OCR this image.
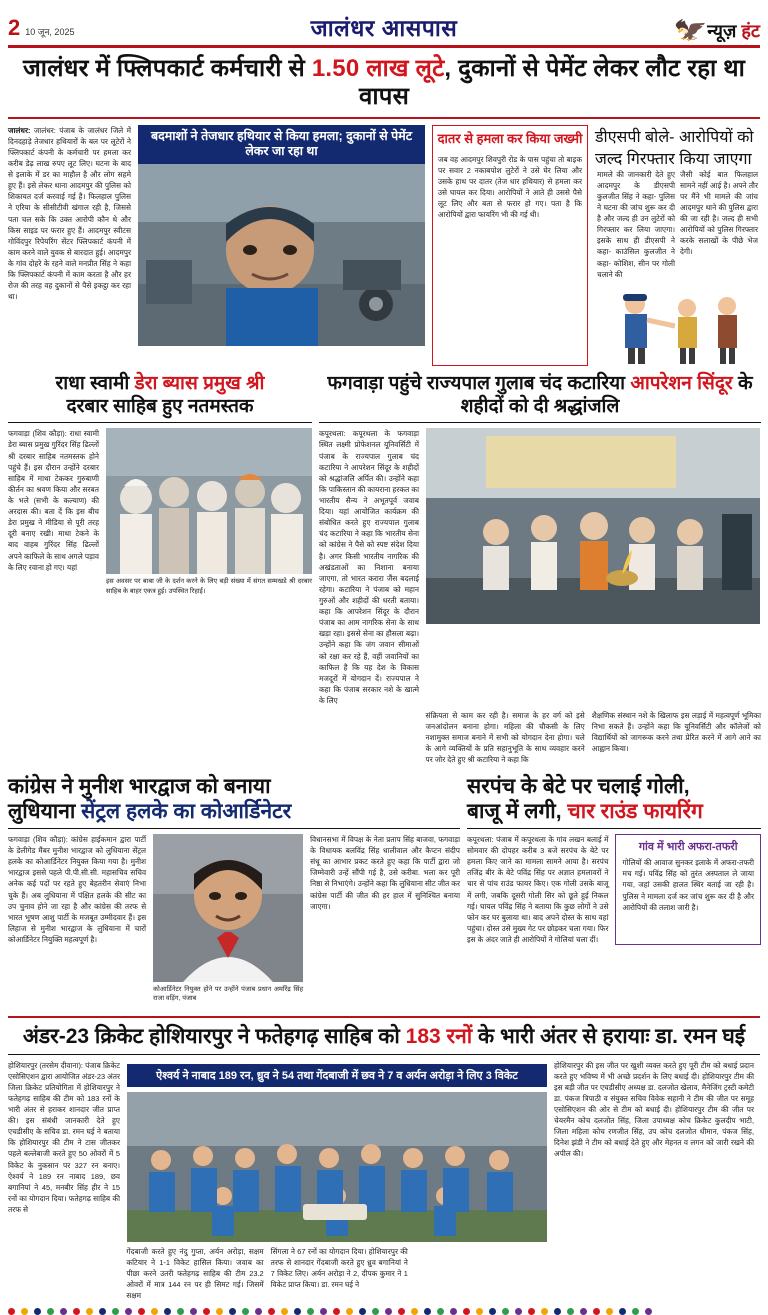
2 10 जून, 2025	जालंधर आसपास	🦅 न्यूज़ हंट
जालंधर में फ्लिपकार्ट कर्मचारी से 1.50 लाख लूटे, दुकानों से पेमेंट लेकर लौट रहा था वापस
जालंधर: जालंधर: पंजाब के जालंधर जिले में दिनदहाड़े तेजधार हथियारों के बल पर लूटेरों ने फ्लिपकार्ट कंपनी के कर्मचारी पर हमला कर करीब डेढ़ लाख रुपए लूट लिए। घटना के बाद से इलाके में डर का माहौल है और लोग सहमे हुए हैं। इसे लेकर थाना आदमपुर की पुलिस को शिकायत दर्ज करवाई गई है। फिलहाल पुलिस ने एरिया के सीसीटीवी खंगाल रही है, जिससे पता चल सके कि उक्त आरोपी कौन थे और किस साइड पर फरार हुए हैं। आदमपुर स्वीटस गोविंदपुर रिपेयरिंग सेंटर फ्लिपकार्ट कंपनी में काम करने वाले युवक से बारदात हुई। आदमपुर के गांव दोहरे के रहने वाले मनप्रीत सिंह ने कहा कि फ्लिपकार्ट कंपनी में काम करता है और हर रोज की तरह वह दुकानों से पैसे इकट्ठा कर रहा था।
बदमाशों ने तेजधार हथियार से किया हमला; दुकानों से पेमेंट लेकर जा रहा था
दातर से हमला कर किया जख्मी
जब वह आदमपुर शिवपुरी रोड के पास पहुंचा तो बाइक पर सवार 2 नकाबपोश लुटेरों ने उसे घेर लिया और उसके हाथ पर दातर (तेज धार हथियार) से हमला कर उसे घायल कर दिया। आरोपियों ने आते ही उससे पैसे लूट लिए और बता से फरार हो गए। पता है कि आरोपियों द्वारा फायरिंग भी की गई थी।
डीएसपी बोले- आरोपियों को जल्द गिरफ्तार किया जाएगा
मामले की जानकारी देते हुए आदमपुर के डीएसपी कुलजीत सिंह ने कहा- पुलिस ने घटना की जांच शुरू कर दी है और जल्द ही उन लुटेरों को गिरफ्तार कर लिया जाएगा। इसके साथ ही डीएसपी ने कहा- काउंसिल कुलजीत ने कहा- कोशिश, सीन पर गोली चलाने की
जैसी कोई बात फिलहाल सामने नहीं आई है। अपने तौर पर मैंने भी मामले की जांच आदमपुर थाने की पुलिस द्वारा की जा रही है। जल्द ही सभी आरोपियों को पुलिस गिरफ्तार करके सलाखों के पीछे भेज देगी।
राधा स्वामी डेरा ब्यास प्रमुख श्री
दरबार साहिब हुए नतमस्तक
फगवाड़ा (शिव कौड़ा): राधा स्वामी डेरा ब्यास प्रमुख गुरिंदर सिंह ढिल्लों श्री दरबार साहिब नतमस्तक होने पहुंचे हैं। इस दौरान उन्होंने दरबार साहिब में माथा टेककर गुरुबाणी कीर्तन का श्रवण किया और सरबत के भले (सभी के कल्याण) की अरदास की। बता दें कि इस बीच डेरा प्रमुख ने मीडिया से पूरी तरह दूरी बनाए रखी। माथा टेकने के बाद वाहब गुरिंदर सिंह ढिल्लों अपने काफिले के साथ अगले पड़ाव के लिए रवाना हो गए। यहां
इस अवसर पर बाबा जी के दर्शन करने के लिए बड़ी संख्या में संगत सम्मखडे श्री दरबार साहिब के बाहर एकत्र हुई। उपस्थित रिहाईं।
फगवाड़ा पहुंचे राज्यपाल गुलाब चंद कटारिया आपरेशन सिंदूर के शहीदों को दी श्रद्धांजलि
कपूरथला: कपूरथला के फगवाड़ा स्थित लक्ष्मी प्रोफेशनल यूनिवर्सिटी में पंजाब के राज्यपाल गुलाब चंद कटारिया ने आपरेशन सिंदूर के शहीदों को श्रद्धांजलि अर्पित की। उन्होंने कहा कि पाकिस्तान की कायराना हरकत का भारतीय सैन्य ने अभूतपूर्व जवाब दिया। यहां आयोजित कार्यक्रम की संबोधित करते हुए राज्यपाल गुलाब चंद कटारिया ने कहा कि भारतीय सेना को कांग्रेस ने पैसे को स्पष्ट संदेश दिया है। अगर किसी भारतीय नागरिक की अखंडताओं का निशाना बनाया जाएगा, तो भारत करारा जैंस बदलाई रहेगा। कटारिया ने पंजाब को महान गुरुओं और शहीदों की धरती बताया। कहा कि आपरेशन सिंदूर के दौरान पंजाब का आम नागरिक सेना के साथ खड़ा रहा। इससे सेना का हौसला बढ़ा। उन्होंने कहा कि जंग जवान सीमाओं को रक्षा कर रहे हैं, वहीं जवानियों का काफिल है कि यह देश के विकास मजदूरों में योगदान दें। राज्यपाल ने कहा कि पंजाब सरकार नशे के खात्मे के लिए

संक्रियता से काम कर रही है। समाज के हर वर्ग को इसे जनआंदोलन बनाना होगा। महिला की चौकसी के लिए नशामुक्त समाज बनाने में सभी को योगदान देना होगा। चले के आगे व्यक्तियों के प्रति सहानुभूति के साथ व्यवहार करने पर जोर देते हुए श्री कटारिया ने कहा कि
शैक्षणिक संस्थान नशे के खिलाफ इस लड़ाई में महत्वपूर्ण भूमिका निभा सकते हैं। उन्होंने कहा कि यूनिवर्सिटी और कॉलेजों को विद्यार्थियों को जागरूक करने तथा प्रेरित करने में आगे आने का आह्वान किया।
कांग्रेस ने मुनीश भारद्वाज को बनाया
लुधियाना सेंट्रल हलके का कोआर्डिनेटर
फगवाड़ा (शिव कौड़ा): कांग्रेस हाईकमान द्वारा पार्टी के डेलीगेड मैंबर मुनीश भारद्वाज को लुधियाना सेंट्रल हलके का कोआर्डिनेटर नियुक्त किया गया है। मुनीश भारद्वाज इससे पहले पी.पी.सी.सी. महासचिव सचिव अनेक कई पदों पर रहते हुए बेहतरीन सेवाएं निभा चुके हैं। अब लुधियाना में पंक्षित हलके की सीट का उप चुनाव होने जा रहा है और कांग्रेस की तरफ से भारत भूषण आशु पार्टी के मजबूत उम्मीदवार हैं। इस लिहाज से मुनीश भारद्वाज के लुधियाना में चारों कोआर्डिनेटर नियुक्ति महत्वपूर्ण है।
कोआर्डिनेटर नियुक्त होने पर उन्होंने पंजाब प्रधान अमरिंद्र सिंह राजा वड़िंग, पंजाब
विधानसभा में विपक्ष के नेता प्रताप सिंह बाजवा, फगवाड़ा के विधायक बलविंद्र सिंह धालीवाल और कैप्टन संदीप संधू का आभार प्रकट करते हुए कहा कि पार्टी द्वारा जो जिम्मेवारी उन्हें सौंपी गई है, उसे करीबा. भला कर पूरी निष्ठा से निभाएंगे। उन्होंने कहा कि लुधियाना सीट जीत कर कांग्रेस पार्टी की जीत की हर हाल में सुनिश्चित बनाया जाएगा।
सरपंच के बेटे पर चलाई गोली,
बाजू में लगी, चार राउंड फायरिंग
कपूरथला: पंजाब में कपूरथला के गांव लखन बलाई में सोमवार की दोपहर करीब 3 बजे सरपंच के बेटे पर हमला किए जाने का मामला सामने आया है। सरपंच तजिंद्र बीर के बेटे पविंद्र सिंह पर अज्ञात हमलावरों ने चार से पांच राउंड फायर किए। एक गोली उसके बाजू में लगी, जबकि दूसरी गोली सिर को छूते हुई निकल गई। घायल पविंद्र सिंह ने बताया कि कुछ लोगों ने उसे फोन कर घर बुलाया था। बाद अपने दोस्त के साथ वहां पहुंचा। दोस्त उसे मुख्य गेट पर छोड़कर चला गया। फिर इस के अंदर जाते ही आरोपियों ने गोलियां चला दीं।
गांव में भारी अफरा-तफरी
गोलियों की आवाज सुनकर इलाके में अफरा-तफरी मच गई। पविंद्र सिंह को तुरंत अस्पताल ले जाया गया, जहां उसकी हालत स्थिर बताई जा रही है। पुलिस ने मामला दर्ज कर जांच शुरू कर दी है और आरोपियों की तलाश जारी है।
अंडर-23 क्रिकेट होशियारपुर ने फतेहगढ़ साहिब को 183 रनों के भारी अंतर से हरायाः डा. रमन घई
होशियारपुर (तरसेम दीवाना): पंजाब क्रिकेट एसोसिएशन द्वारा आयोजित अंडर-23 अंतर जिला क्रिकेट प्रतियोगिता में होशियारपुर ने फतेहगढ़ साहिब की टीम को 183 रनों के भारी अंतर से हराकर शानदार जीत प्राप्त की। इस संबंधी जानकारी देते हुए एचडीसीए के सचिव डा. रमन घई ने बताया कि होशियारपुर की टीम ने टास जीतकर पहले बल्लेबाजी करते हुए 50 ओवरों में 5 विकेट के नुकसान पर 327 रन बनाए। ऐश्वर्य ने 189 रन नाबाद 189, छव बगानियां ने 45, मनबीर सिंह हीर ने 15 रनों का योगदान दिया। फतेहगढ़ साहिब की तरफ से
ऐश्वर्य ने नाबाद 189 रन, ध्रुव ने 54 तथा गेंदबाजी में छव ने 7 व अर्यन अरोड़ा ने लिए 3 विकेट
होशियारपुर की इस जीत पर खुशी व्यक्त करते हुए पूरी टीम को बधाई प्रदान करते हुए भविष्य में भी अच्छे प्रदर्शन के लिए बधाई दी। होशियारपुर टीम की इस बड़ी जीत पर एचडीसीए अध्यक्ष डा. दलजोत खेलाव, मैनेजिंग ट्रस्टी कमेटी डा. पंकज त्रिपाठी व संयुक्त सचिव विवेक सहानी ने टीम की जीत पर समूह एसोसिएशन की ओर से टीम को बधाई दी। होशियारपुर टीम की जीत पर चेयरमैन कोच दलजोत सिंह, जिला उपाध्यक्ष कोच क्रिकेट कुलदीप भाटी, जिला महिला कोच रणजीत सिंह, उप कोच दलजोत धीमान, पंकज सिंह, दिनेश झंडी ने टीम को बधाई देते हुए और मेहनत व लगन को जारी रखने की अपील की।

गेंदबाजी करते हुए नंदु गुप्ता, अर्यन अरोड़ा, सक्षम कटियार ने 1-1 विकेट हासिल किया। जवाब का पीछा करने उतरी फतेहगढ़ साहिब की टीम 23.2 ओवरों में मात्र 144 रन पर ही सिमट गई। जिसमें सक्षम
सिंगला ने 67 रनों का योगदान दिया। होशियारपुर की तरफ से शानदार गेंदबाजी करते हुए ध्रुव बगानियां ने 7 विकेट लिए। अर्यन अरोड़ा ने 2, दीपक कुमार ने 1 विकेट प्राप्त किया। डा. रमन घई ने
